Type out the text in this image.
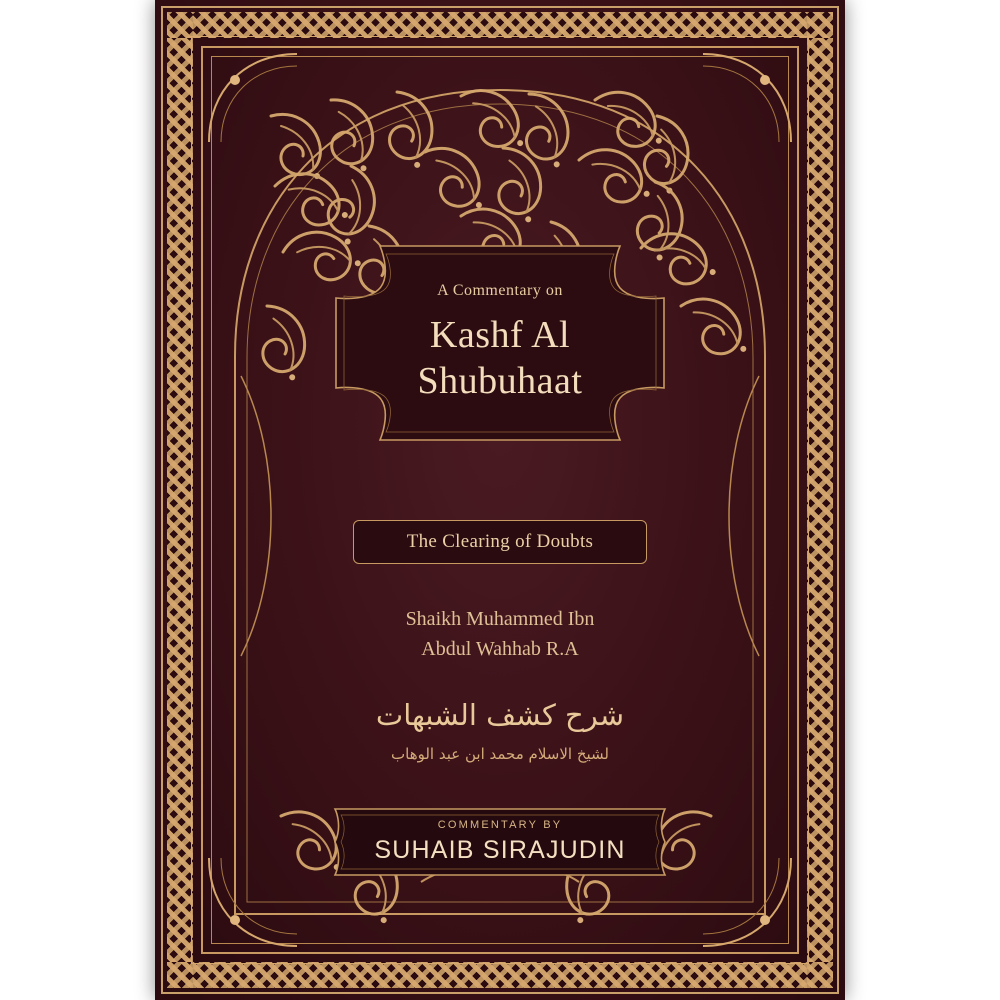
A Commentary on
Kashf Al
Shubuhaat
The Clearing of Doubts
Shaikh Muhammed Ibn
Abdul Wahhab R.A
شرح كشف الشبهات
لشيخ الاسلام محمد ابن عبد الوهاب
COMMENTARY BY
SUHAIB SIRAJUDIN
